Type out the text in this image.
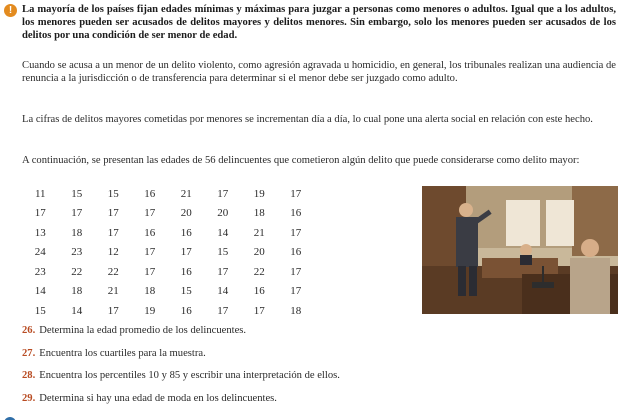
! La mayoría de los países fijan edades mínimas y máximas para juzgar a personas como menores o adultos. Igual que a los adultos, los menores pueden ser acusados de delitos mayores y delitos menores. Sin embargo, solo los menores pueden ser acusados de los delitos por una condición de ser menor de edad.
Cuando se acusa a un menor de un delito violento, como agresión agravada u homicidio, en general, los tribunales realizan una audiencia de renuncia a la jurisdicción o de transferencia para determinar si el menor debe ser juzgado como adulto.
La cifras de delitos mayores cometidas por menores se incrementan día a día, lo cual pone una alerta social en relación con este hecho.
A continuación, se presentan las edades de 56 delincuentes que cometieron algún delito que puede considerarse como delito mayor:
11	15	15	16	21	17	19	17
17	17	17	17	20	20	18	16
13	18	17	16	16	14	21	17
24	23	12	17	17	15	20	16
23	22	22	17	16	17	22	17
14	18	21	18	15	14	16	17
15	14	17	19	16	17	17	18
26. Determina la edad promedio de los delincuentes.
27. Encuentra los cuartiles para la muestra.
28. Encuentra los percentiles 10 y 85 y escribir una interpretación de ellos.
29. Determina si hay una edad de moda en los delincuentes.
